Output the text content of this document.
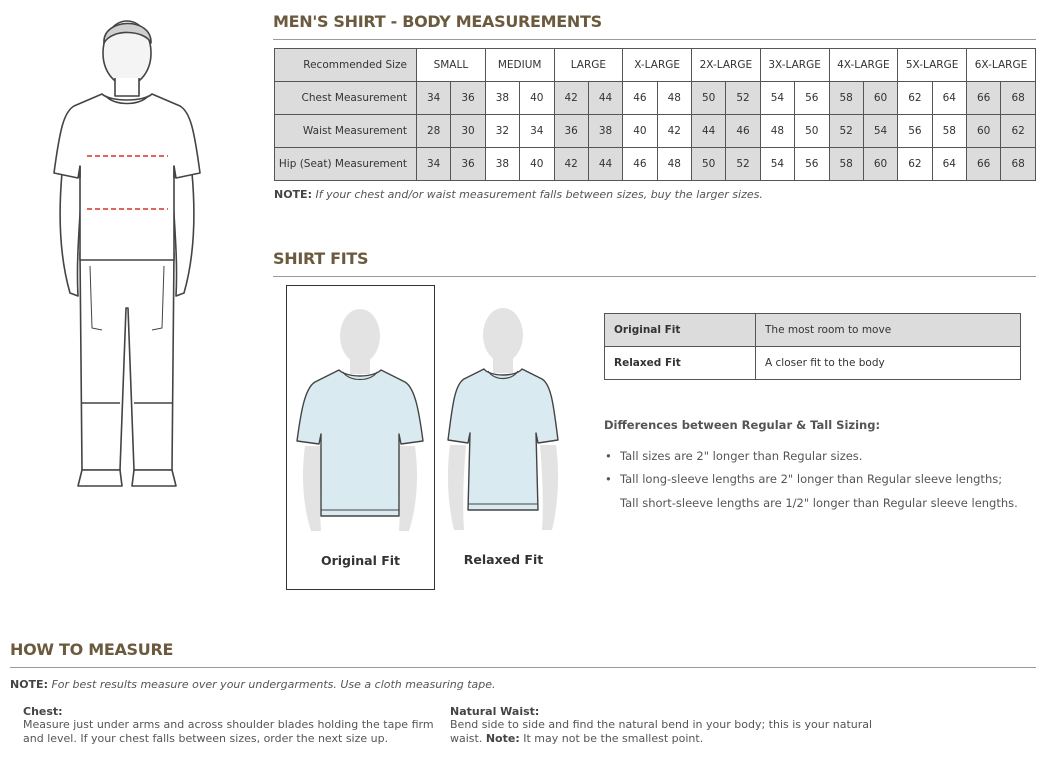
MEN'S SHIRT - BODY MEASUREMENTS
Recommended Size	SMALL		MEDIUM		LARGE		X-LARGE		2X-LARGE		3X-LARGE		4X-LARGE		5X-LARGE		6X-LARGE	
Chest Measurement	34	36	38	40	42	44	46	48	50	52	54	56	58	60	62	64	66	68
Waist Measurement	28	30	32	34	36	38	40	42	44	46	48	50	52	54	56	58	60	62
Hip (Seat) Measurement	34	36	38	40	42	44	46	48	50	52	54	56	58	60	62	64	66	68
NOTE: If your chest and/or waist measurement falls between sizes, buy the larger sizes.
SHIRT FITS
Original Fit	Relaxed Fit
Original Fit	The most room to move
Relaxed Fit	A closer fit to the body
Differences between Regular & Tall Sizing:
• Tall sizes are 2" longer than Regular sizes.
• Tall long-sleeve lengths are 2" longer than Regular sleeve lengths;
Tall short-sleeve lengths are 1/2" longer than Regular sleeve lengths.
HOW TO MEASURE
NOTE: For best results measure over your undergarments. Use a cloth measuring tape.
Chest:
Measure just under arms and across shoulder blades holding the tape firm
and level. If your chest falls between sizes, order the next size up.
Natural Waist:
Bend side to side and find the natural bend in your body; this is your natural
waist. Note: It may not be the smallest point.
